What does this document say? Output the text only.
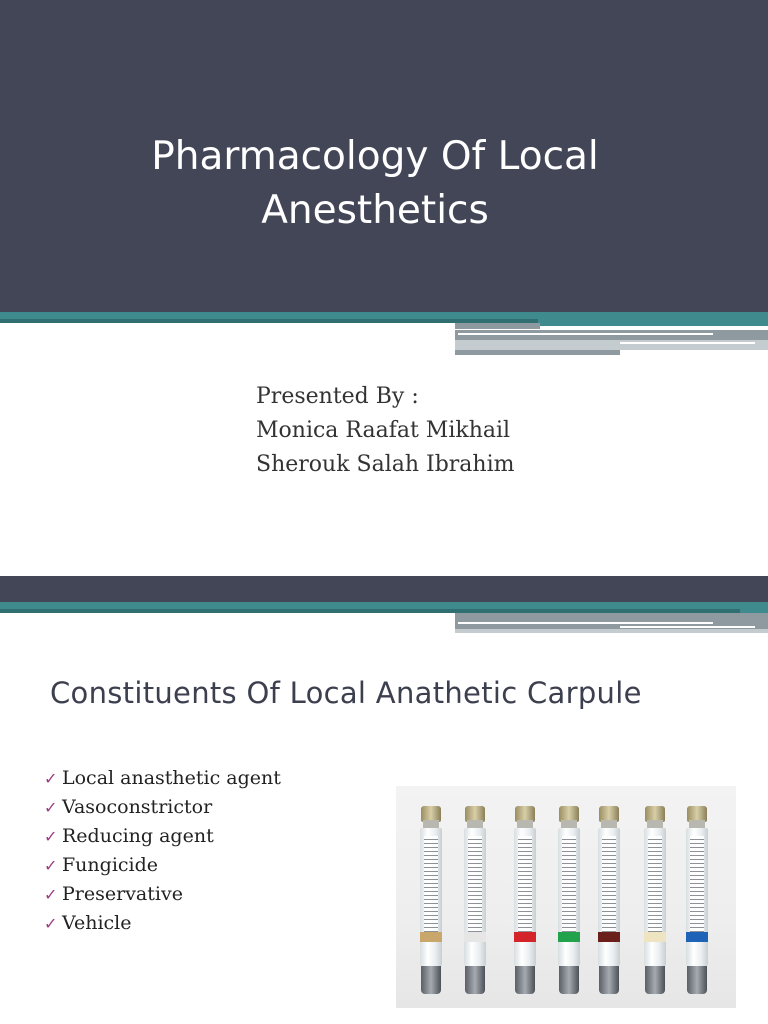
Pharmacology Of Local
Anesthetics
Presented By :
Monica Raafat Mikhail
Sherouk Salah Ibrahim
Constituents Of Local Anathetic Carpule
✓ Local anasthetic agent
✓ Vasoconstrictor
✓ Reducing agent
✓ Fungicide
✓ Preservative
✓ Vehicle
